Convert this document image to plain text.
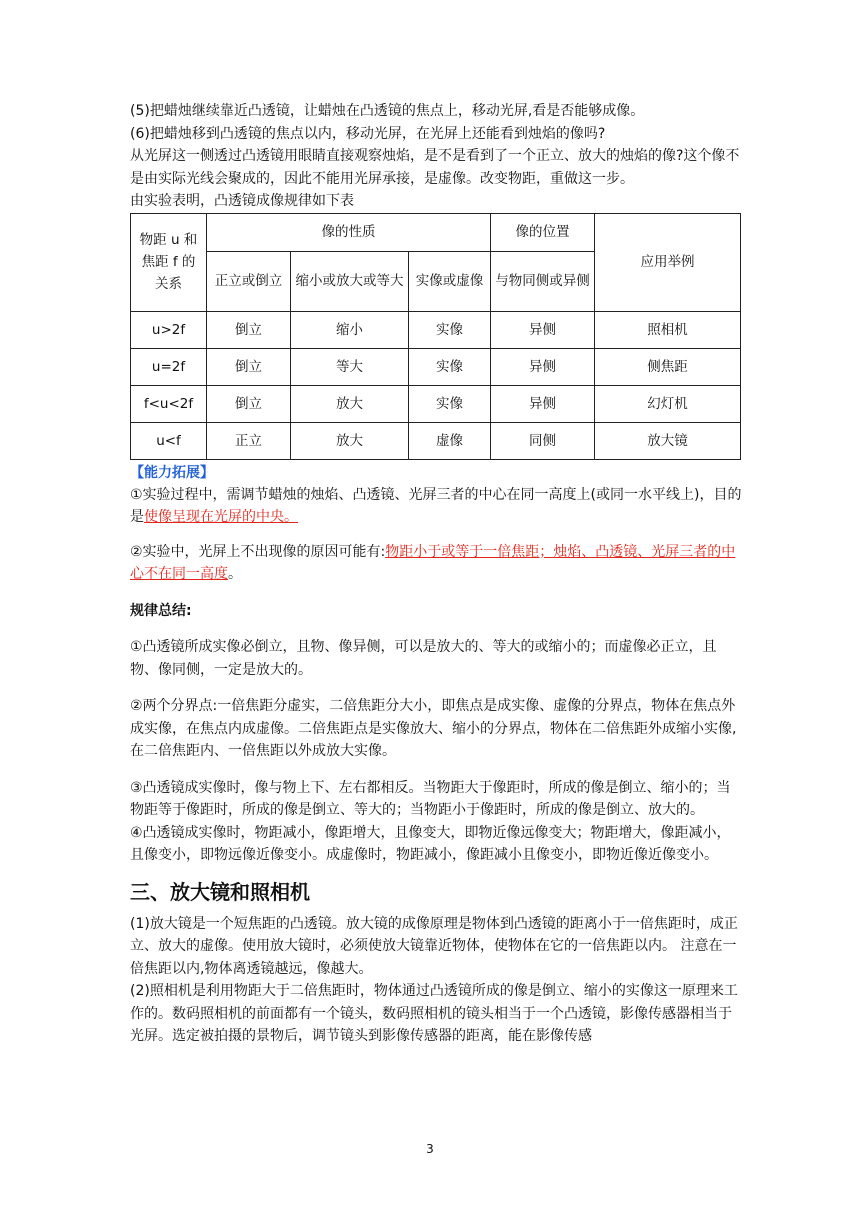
(5)把蜡烛继续靠近凸透镜，让蜡烛在凸透镜的焦点上，移动光屏,看是否能够成像。

(6)把蜡烛移到凸透镜的焦点以内，移动光屏，在光屏上还能看到烛焰的像吗?

从光屏这一侧透过凸透镜用眼睛直接观察烛焰，是不是看到了一个正立、放大的烛焰的像?这个像不是由实际光线会聚成的，因此不能用光屏承接，是虚像。改变物距，重做这一步。

由实验表明，凸透镜成像规律如下表

物距 u 和焦距 f 的关系	像的性质			像的位置	应用举例
	正立或倒立	缩小或放大或等大	实像或虚像	与物同侧或异侧	
u>2f	倒立	缩小	实像	异侧	照相机
u=2f	倒立	等大	实像	异侧	侧焦距
f<u<2f	倒立	放大	实像	异侧	幻灯机
u<f	正立	放大	虚像	同侧	放大镜

【能力拓展】

①实验过程中，需调节蜡烛的烛焰、凸透镜、光屏三者的中心在同一高度上(或同一水平线上)，目的是使像呈现在光屏的中央。

②实验中，光屏上不出现像的原因可能有:物距小于或等于一倍焦距；烛焰、凸透镜、光屏三者的中心不在同一高度。

规律总结:

①凸透镜所成实像必倒立，且物、像异侧，可以是放大的、等大的或缩小的；而虚像必正立，且物、像同侧，一定是放大的。

②两个分界点:一倍焦距分虚实，二倍焦距分大小，即焦点是成实像、虚像的分界点，物体在焦点外成实像，在焦点内成虚像。二倍焦距点是实像放大、缩小的分界点，物体在二倍焦距外成缩小实像,在二倍焦距内、一倍焦距以外成放大实像。

③凸透镜成实像时，像与物上下、左右都相反。当物距大于像距时，所成的像是倒立、缩小的；当物距等于像距时，所成的像是倒立、等大的；当物距小于像距时，所成的像是倒立、放大的。

④凸透镜成实像时，物距减小，像距增大，且像变大，即物近像远像变大；物距增大，像距减小，且像变小，即物远像近像变小。成虚像时，物距减小，像距减小且像变小，即物近像近像变小。

三、放大镜和照相机

(1)放大镜是一个短焦距的凸透镜。放大镜的成像原理是物体到凸透镜的距离小于一倍焦距时，成正立、放大的虚像。使用放大镜时，必须使放大镜靠近物体，使物体在它的一倍焦距以内。 注意在一倍焦距以内,物体离透镜越远，像越大。

(2)照相机是利用物距大于二倍焦距时，物体通过凸透镜所成的像是倒立、缩小的实像这一原理来工作的。数码照相机的前面都有一个镜头，数码照相机的镜头相当于一个凸透镜，影像传感器相当于光屏。选定被拍摄的景物后，调节镜头到影像传感器的距离，能在影像传感

3
